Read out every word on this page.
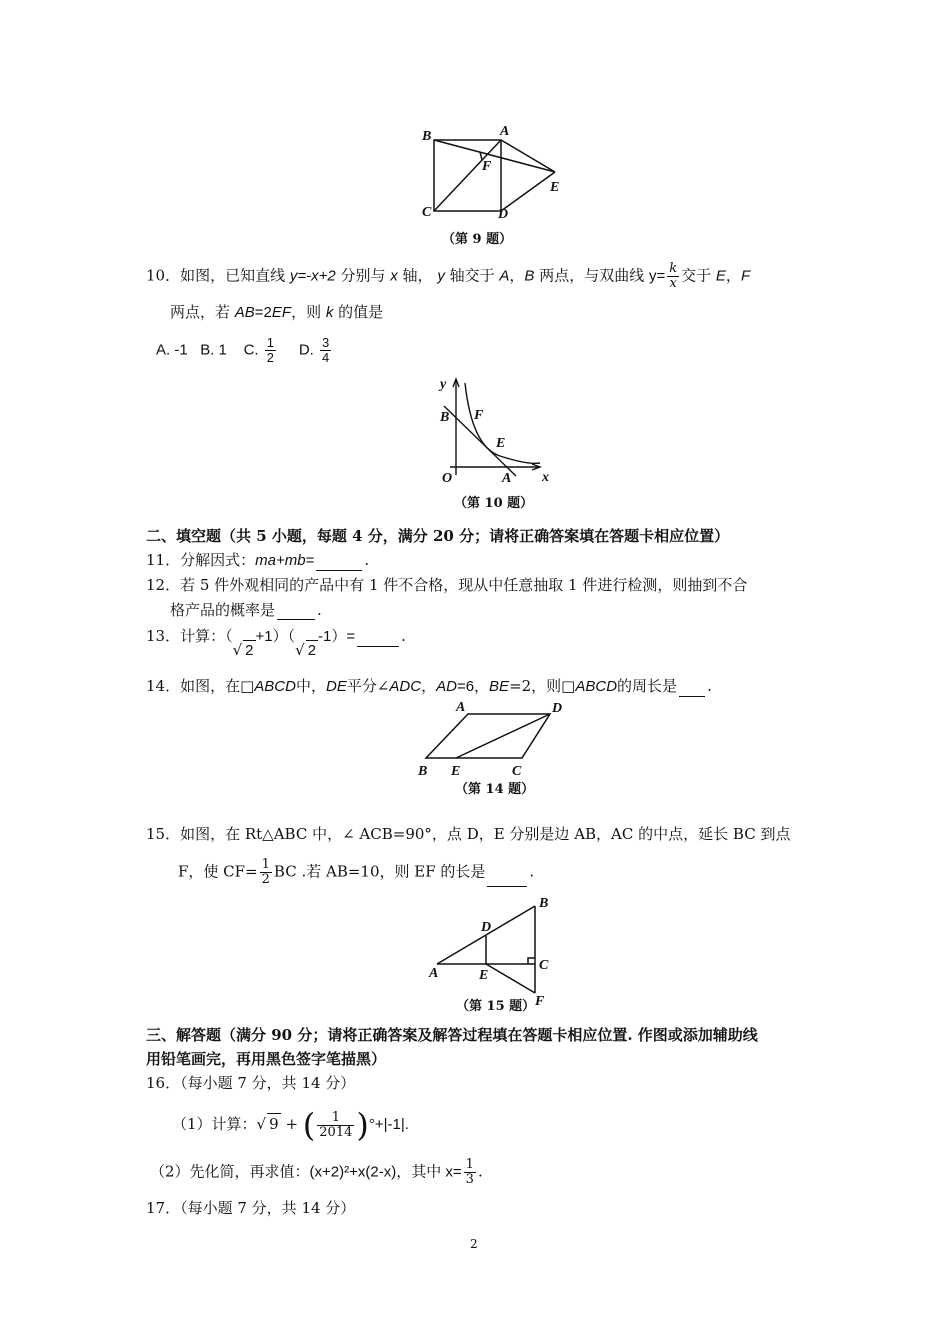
B	A
F
E
C	D
（第 9 题）
10．如图，已知直线 y=-x+2 分别与 x 轴， y 轴交于 A，B 两点，与双曲线 $y= \frac{k}{x}$ 交于 E，F
两点，若 AB=2EF，则 k 的值是
A. -1 B. 1 C. $\frac{1}{2} D$. $\frac{3}{4}$
y
B F
E
O	A x
（第 10 题）
二、填空题（共 5 小题，每题 4 分，满分 20 分；请将正确答案填在答题卡相应位置）
11．分解因式：ma+mb=	.
12．若 5 件外观相同的产品中有 1 件不合格，现从中任意抽取 1 件进行检测，则抽到不合
格产品的概率是	.
13．计算：（√ 2+1）（√ 2-1）=	.
14．如图，在□ABCD中，DE平分∠ADC，AD=6，BE=2，则□ABCD的周长是 .
A	D
B E	C
（第 14 题）
15．如图，在 Rt△ABC 中，∠ ACB=90°，点 D，E 分别是边 AB，AC 的中点，延长 BC 到点
F，使 $CF= \frac{1}{2}$ BC .若 AB=10，则 EF 的长是	.
B
D
C
A	E
F
（第 15 题）
三、解答题（满分 90 分；请将正确答案及解答过程填在答题卡相应位置. 作图或添加辅助线
用铅笔画完，再用黑色签字笔描黑）
16．（每小题 7 分，共 14 分）
（1）计算：√ 9 + ( $\frac{1}{2014} )^\circ+|-1|$.
（2）先化简，再求值：(x+2)²+x(2-x)，其中 $x= \frac{1}{3}$ .
17．（每小题 7 分，共 14 分）
2
